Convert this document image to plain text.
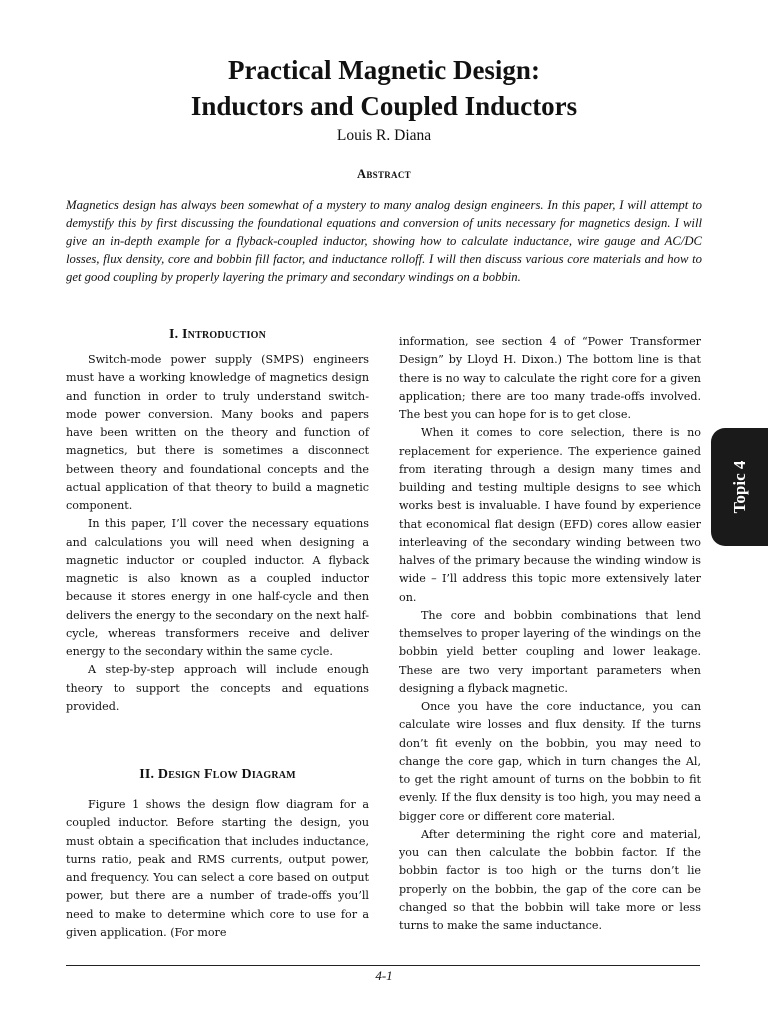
Practical Magnetic Design:
Inductors and Coupled Inductors
Louis R. Diana
Abstract

Magnetics design has always been somewhat of a mystery to many analog design engineers. In this paper, I will attempt to demystify this by first discussing the foundational equations and conversion of units necessary for magnetics design. I will give an in-depth example for a flyback-coupled inductor, showing how to calculate inductance, wire gauge and AC/DC losses, flux density, core and bobbin fill factor, and inductance rolloff. I will then discuss various core materials and how to get good coupling by properly layering the primary and secondary windings on a bobbin.

I. Introduction

Switch-mode power supply (SMPS) engineers must have a working knowledge of magnetics design and function in order to truly understand switch-mode power conversion. Many books and papers have been written on the theory and function of magnetics, but there is sometimes a disconnect between theory and foundational concepts and the actual application of that theory to build a magnetic component.

In this paper, I’ll cover the necessary equations and calculations you will need when designing a magnetic inductor or coupled inductor. A flyback magnetic is also known as a coupled inductor because it stores energy in one half-cycle and then delivers the energy to the secondary on the next half-cycle, whereas transformers receive and deliver energy to the secondary within the same cycle.

A step-by-step approach will include enough theory to support the concepts and equations provided.

II. Design Flow Diagram

Figure 1 shows the design flow diagram for a coupled inductor. Before starting the design, you must obtain a specification that includes inductance, turns ratio, peak and RMS currents, output power, and frequency. You can select a core based on output power, but there are a number of trade-offs you’ll need to make to determine which core to use for a given application. (For more

information, see section 4 of “Power Transformer Design” by Lloyd H. Dixon.) The bottom line is that there is no way to calculate the right core for a given application; there are too many trade-offs involved. The best you can hope for is to get close.

When it comes to core selection, there is no replacement for experience. The experience gained from iterating through a design many times and building and testing multiple designs to see which works best is invaluable. I have found by experience that economical flat design (EFD) cores allow easier interleaving of the secondary winding between two halves of the primary because the winding window is wide – I’ll address this topic more extensively later on.

The core and bobbin combinations that lend themselves to proper layering of the windings on the bobbin yield better coupling and lower leakage. These are two very important parameters when designing a flyback magnetic.

Once you have the core inductance, you can calculate wire losses and flux density. If the turns don’t fit evenly on the bobbin, you may need to change the core gap, which in turn changes the Al, to get the right amount of turns on the bobbin to fit evenly. If the flux density is too high, you may need a bigger core or different core material.

After determining the right core and material, you can then calculate the bobbin factor. If the bobbin factor is too high or the turns don’t lie properly on the bobbin, the gap of the core can be changed so that the bobbin will take more or less turns to make the same inductance.

Topic 4
4-1
